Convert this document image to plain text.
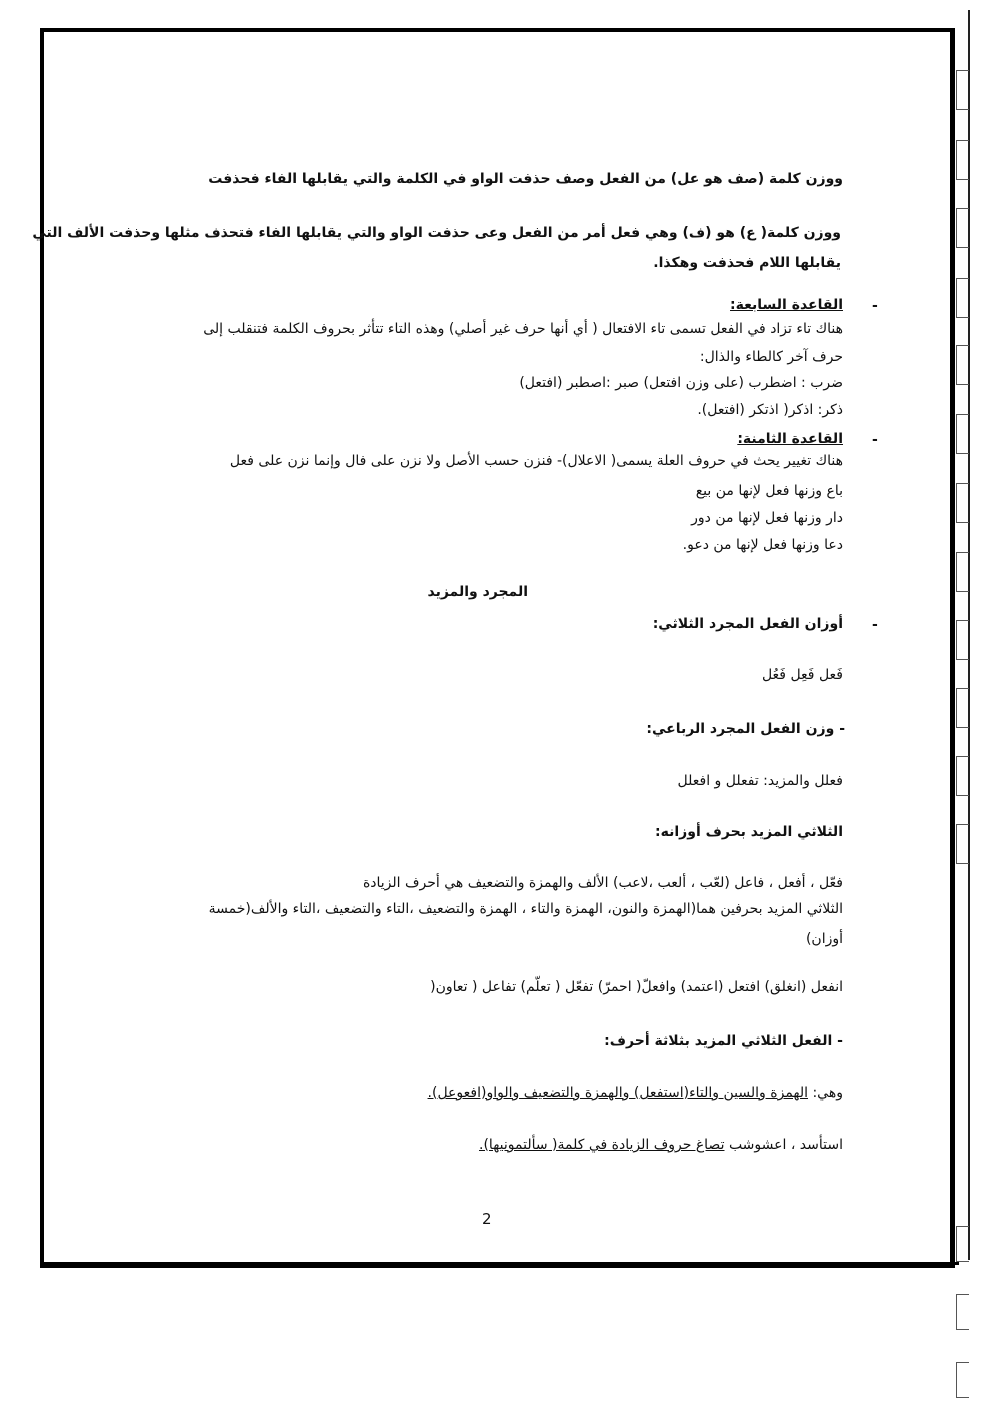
ووزن كلمة (صف هو عل) من الفعل وصف حذفت الواو في الكلمة والتي يقابلها الفاء فحذفت
ووزن كلمة( ع) هو (ف) وهي فعل أمر من الفعل وعى حذفت الواو والتي يقابلها الفاء فتحذف مثلها وحذفت الألف التي
يقابلها اللام فحذفت وهكذا.
-
القاعدة السابعة:
هناك تاء تزاد في الفعل تسمى تاء الافتعال ( أي أنها حرف غير أصلي) وهذه التاء تتأثر بحروف الكلمة فتنقلب إلى
حرف آخر كالطاء والذال:
ضرب : اضطرب (على وزن افتعل) صبر :اصطبر (افتعل)
ذكر: اذكر( اذتكر (افتعل).
-
القاعدة الثامنة:
هناك تغيير يحث في حروف العلة يسمى( الاعلال)- فنزن حسب الأصل ولا نزن على فال وإنما نزن على فعل
باع وزنها فعل لإنها من بيع
دار وزنها فعل لإنها من دور
دعا وزنها فعل لإنها من دعو.
المجرد والمزيد
-
أوزان الفعل المجرد الثلاثي:
فَعل فَعِل فَعُل
- وزن الفعل المجرد الرباعي:
فعلل والمزيد: تفعلل و افعلل
الثلاثي المزيد بحرف أوزانه:
فعّل ، أفعل ، فاعل (لعّب ، ألعب ،لاعب) الألف والهمزة والتضعيف هي أحرف الزيادة
الثلاثي المزيد بحرفين هما(الهمزة والنون، الهمزة والتاء ، الهمزة والتضعيف ،التاء والتضعيف ،التاء والألف(خمسة
أوزان)
انفعل (انغلق) افتعل (اعتمد) وافعلّ( احمرّ) تفعّل ( تعلّم) تفاعل ( تعاون(
- الفعل الثلاثي المزيد بثلاثة أحرف:
وهي: الهمزة والسين والتاء(استفعل) والهمزة والتضعيف والواو(افعوعل).
استأسد ، اعشوشب تصاغ حروف الزيادة في كلمة( سألتمونيها).
2
